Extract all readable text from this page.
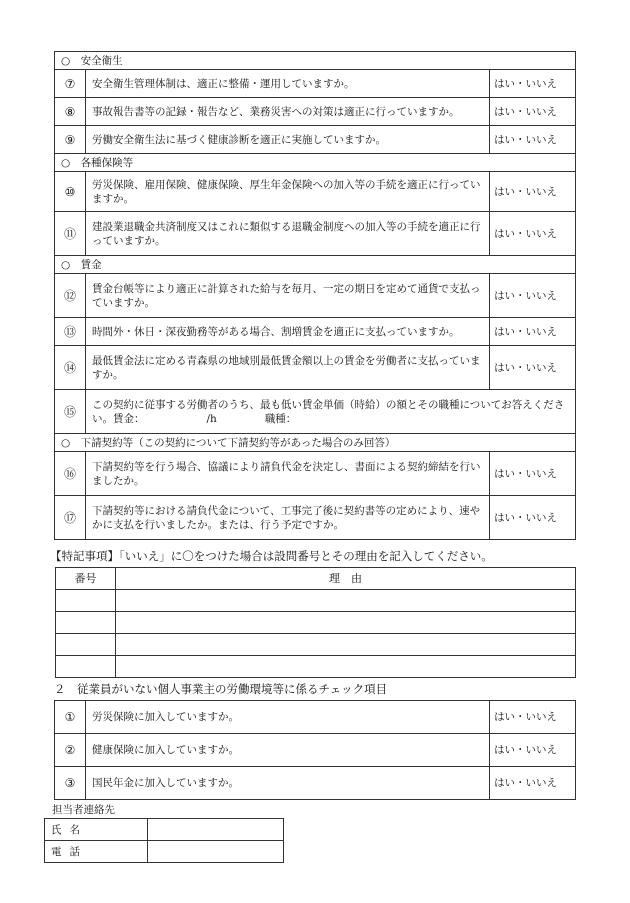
○　安全衛生		
⑦	安全衛生管理体制は、適正に整備・運用していますか。	はい・いいえ
⑧	事故報告書等の記録・報告など、業務災害への対策は適正に行っていますか。	はい・いいえ
⑨	労働安全衛生法に基づく健康診断を適正に実施していますか。	はい・いいえ
○　各種保険等		
⑩	労災保険、雇用保険、健康保険、厚生年金保険への加入等の手続を適正に行っていますか。	はい・いいえ
⑪	建設業退職金共済制度又はこれに類似する退職金制度への加入等の手続を適正に行っていますか。	はい・いいえ
○　賃金		
⑫	賃金台帳等により適正に計算された給与を毎月、一定の期日を定めて通貨で支払っていますか。	はい・いいえ
⑬	時間外・休日・深夜勤務等がある場合、割増賃金を適正に支払っていますか。	はい・いいえ
⑭	最低賃金法に定める青森県の地域別最低賃金額以上の賃金を労働者に支払っていますか。	はい・いいえ
⑮	この契約に従事する労働者のうち、最も低い賃金単価（時給）の額とその職種についてお答えください。賃金： /h 職種：	
○　下請契約等（この契約について下請契約等があった場合のみ回答）		
⑯	下請契約等を行う場合、協議により請負代金を決定し、書面による契約締結を行いましたか。	はい・いいえ
⑰	下請契約等における請負代金について、工事完了後に契約書等の定めにより、速やかに支払を行いましたか。または、行う予定ですか。	はい・いいえ
【特記事項】「いいえ」に〇をつけた場合は設問番号とその理由を記入してください。
番号	理　由

２　従業員がいない個人事業主の労働環境等に係るチェック項目
①	労災保険に加入していますか。	はい・いいえ
②	健康保険に加入していますか。	はい・いいえ
③	国民年金に加入していますか。	はい・いいえ
担当者連絡先
氏名	
電話	
